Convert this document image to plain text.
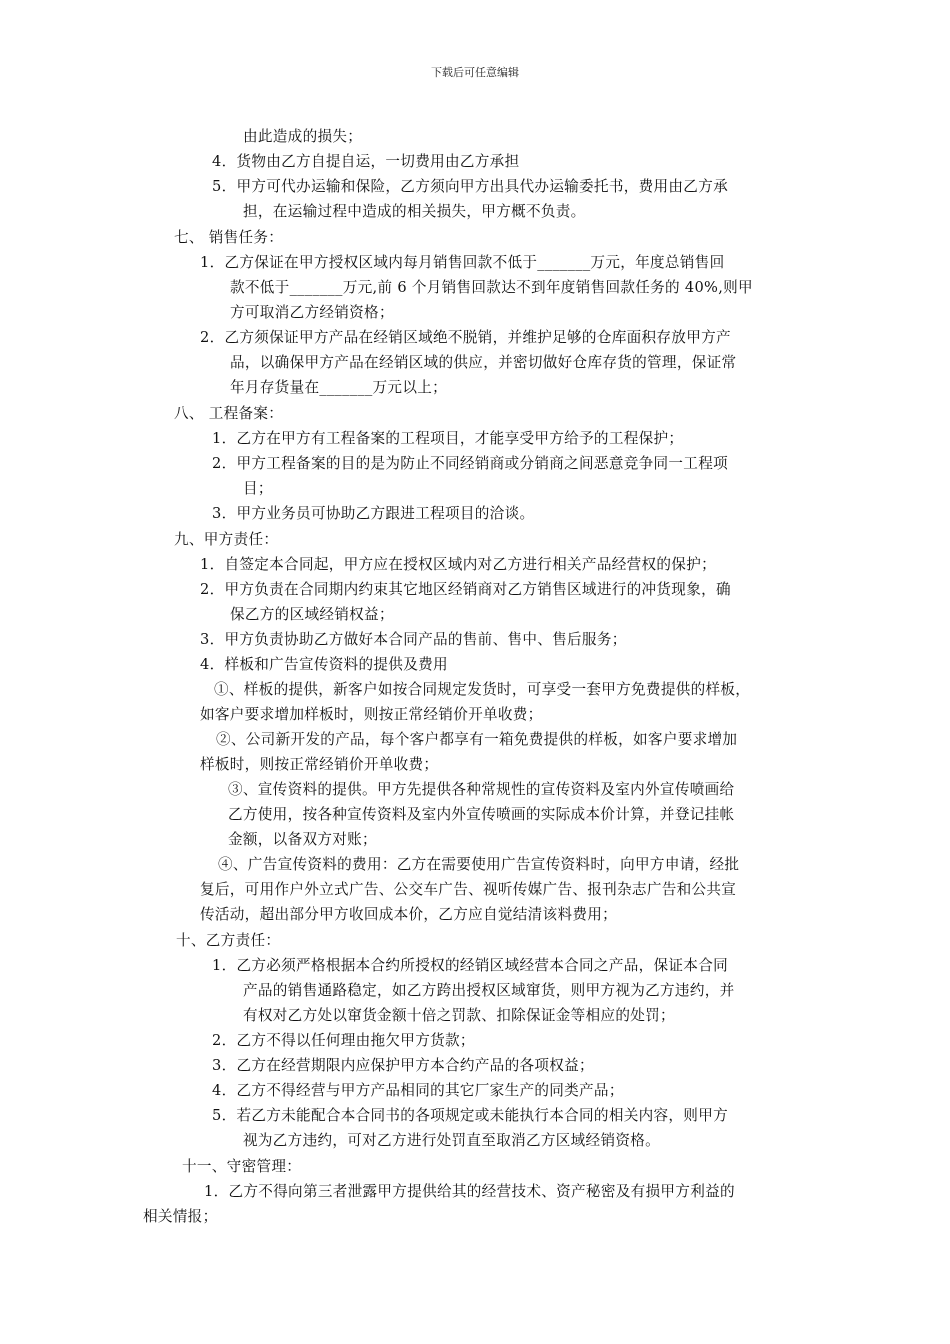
下载后可任意编辑
由此造成的损失；
4．货物由乙方自提自运，一切费用由乙方承担
5．甲方可代办运输和保险，乙方须向甲方出具代办运输委托书，费用由乙方承
担，在运输过程中造成的相关损失，甲方概不负责。
七、 销售任务：
1．乙方保证在甲方授权区域内每月销售回款不低于_______万元，年度总销售回
款不低于_______万元,前 6 个月销售回款达不到年度销售回款任务的 40%,则甲
方可取消乙方经销资格；
2．乙方须保证甲方产品在经销区域绝不脱销，并维护足够的仓库面积存放甲方产
品，以确保甲方产品在经销区域的供应，并密切做好仓库存货的管理，保证常
年月存货量在_______万元以上；
八、 工程备案：
1．乙方在甲方有工程备案的工程项目，才能享受甲方给予的工程保护；
2．甲方工程备案的目的是为防止不同经销商或分销商之间恶意竞争同一工程项
目；
3．甲方业务员可协助乙方跟进工程项目的洽谈。
九、甲方责任：
1．自签定本合同起，甲方应在授权区域内对乙方进行相关产品经营权的保护；
2．甲方负责在合同期内约束其它地区经销商对乙方销售区域进行的冲货现象，确
保乙方的区域经销权益；
3．甲方负责协助乙方做好本合同产品的售前、售中、售后服务；
4．样板和广告宣传资料的提供及费用
①、样板的提供，新客户如按合同规定发货时，可享受一套甲方免费提供的样板，
如客户要求增加样板时，则按正常经销价开单收费；
②、公司新开发的产品，每个客户都享有一箱免费提供的样板，如客户要求增加
样板时，则按正常经销价开单收费；
③、宣传资料的提供。甲方先提供各种常规性的宣传资料及室内外宣传喷画给
乙方使用，按各种宣传资料及室内外宣传喷画的实际成本价计算，并登记挂帐
金额，以备双方对账；
④、广告宣传资料的费用：乙方在需要使用广告宣传资料时，向甲方申请，经批
复后，可用作户外立式广告、公交车广告、视听传媒广告、报刊杂志广告和公共宣
传活动，超出部分甲方收回成本价，乙方应自觉结清该料费用；
十、乙方责任：
1．乙方必须严格根据本合约所授权的经销区域经营本合同之产品，保证本合同
产品的销售通路稳定，如乙方跨出授权区域窜货，则甲方视为乙方违约，并
有权对乙方处以窜货金额十倍之罚款、扣除保证金等相应的处罚；
2．乙方不得以任何理由拖欠甲方货款；
3．乙方在经营期限内应保护甲方本合约产品的各项权益；
4．乙方不得经营与甲方产品相同的其它厂家生产的同类产品；
5．若乙方未能配合本合同书的各项规定或未能执行本合同的相关内容，则甲方
视为乙方违约，可对乙方进行处罚直至取消乙方区域经销资格。
十一、守密管理：
1．乙方不得向第三者泄露甲方提供给其的经营技术、资产秘密及有损甲方利益的
相关情报；
